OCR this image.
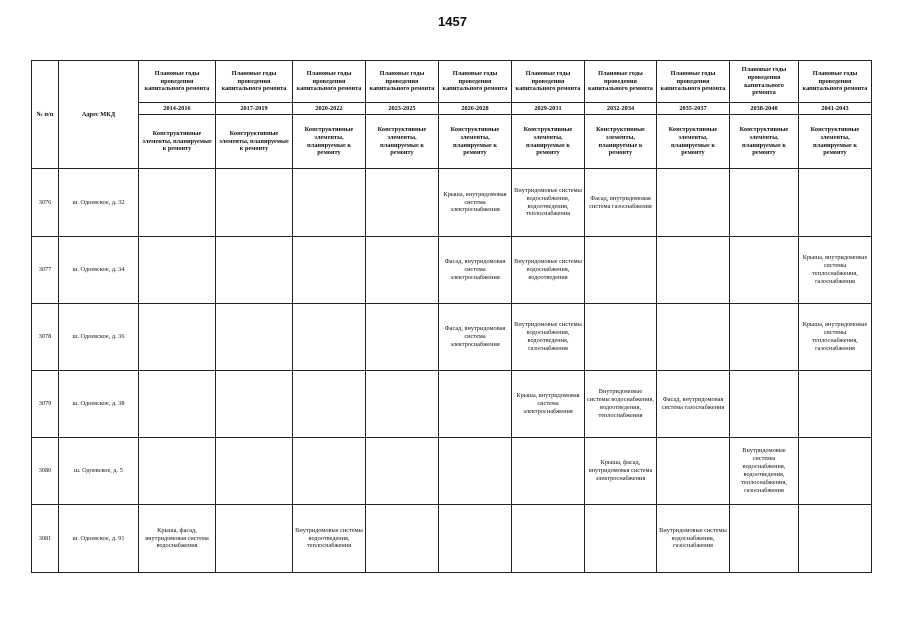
1457
№ п/п	Адрес МКД	Плановые годы проведения капитального ремонта	Плановые годы проведения капитального ремонта	Плановые годы проведения капитального ремонта	Плановые годы проведения капитального ремонта	Плановые годы проведения капитального ремонта	Плановые годы проведения капитального ремонта	Плановые годы проведения капитального ремонта	Плановые годы проведения капитального ремонта	Плановые годы проведения капитального ремонта	Плановые годы проведения капитального ремонта
		2014-2016	2017-2019	2020-2022	2023-2025	2026-2028	2029-2031	2032-2034	2035-2037	2038-2040	2041-2043
		Конструктивные элементы, планируемые к ремонту	Конструктивные элементы, планируемые к ремонту	Конструктивные элементы, планируемые к ремонту	Конструктивные элементы, планируемые к ремонту	Конструктивные элементы, планируемые к ремонту	Конструктивные элементы, планируемые к ремонту	Конструктивные элементы, планируемые к ремонту	Конструктивные элементы, планируемые к ремонту	Конструктивные элементы, планируемые к ремонту	Конструктивные элементы, планируемые к ремонту
3076	ш. Одоевское, д. 32					Крыша, внутридомовая система электроснабжения	Внутридомовые системы водоснабжения, водоотведения, теплоснабжения	Фасад, внутридомовая система газоснабжения			
3077	ш. Одоевское, д. 34					Фасад, внутридомовая система электроснабжения	Внутридомовые системы водоснабжения, водоотведения				Крыша, внутридомовые системы теплоснабжения, газоснабжения
3078	ш. Одоевское, д. 36					Фасад, внутридомовая система электроснабжения	Внутридомовые системы водоснабжения, водоотведения, газоснабжения				Крыша, внутридомовые системы теплоснабжения, газоснабжения
3079	ш. Одоевское, д. 38						Крыша, внутридомовая система электроснабжения	Внутридомовые системы водоснабжения, водоотведения, теплоснабжения	Фасад, внутридомовая система газоснабжения		
3080	ш. Одоевское, д. 5							Крыша, фасад, внутридомовая система электроснабжения		Внутридомовые системы водоснабжения, водоотведения, теплоснабжения, газоснабжения	
3081	ш. Одоевское, д. 91	Крыша, фасад, внутридомовая система водоснабжения		Внутридомовые системы водоотведения, теплоснабжения					Внутридомовые системы водоснабжения, газоснабжения		
